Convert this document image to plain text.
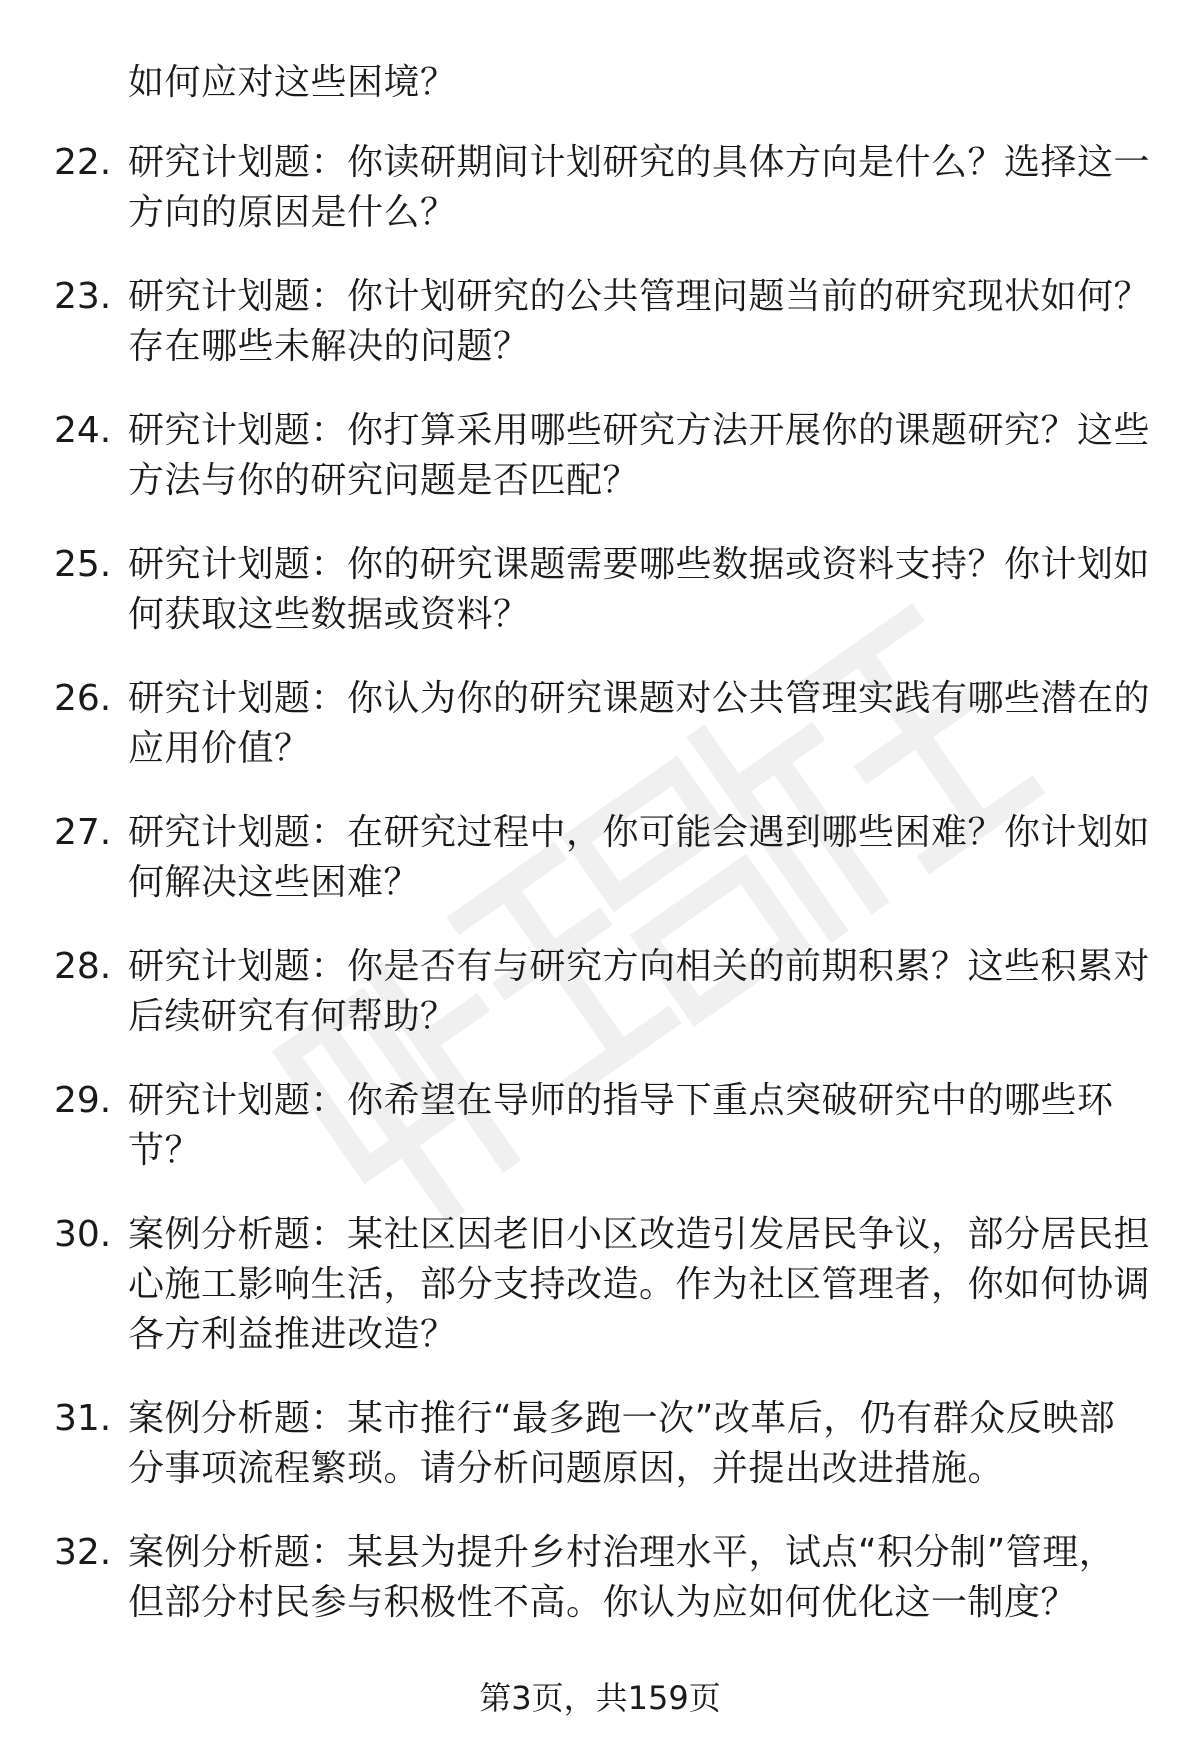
如何应对这些困境？
22. 研究计划题：你读研期间计划研究的具体方向是什么？选择这一
方向的原因是什么？
23. 研究计划题：你计划研究的公共管理问题当前的研究现状如何？
存在哪些未解决的问题？
24. 研究计划题：你打算采用哪些研究方法开展你的课题研究？这些
方法与你的研究问题是否匹配？
25. 研究计划题：你的研究课题需要哪些数据或资料支持？你计划如
何获取这些数据或资料？
26. 研究计划题：你认为你的研究课题对公共管理实践有哪些潜在的
应用价值？
27. 研究计划题：在研究过程中，你可能会遇到哪些困难？你计划如
何解决这些困难？
28. 研究计划题：你是否有与研究方向相关的前期积累？这些积累对
后续研究有何帮助？
29. 研究计划题：你希望在导师的指导下重点突破研究中的哪些环
节？
30. 案例分析题：某社区因老旧小区改造引发居民争议，部分居民担
心施工影响生活，部分支持改造。作为社区管理者，你如何协调
各方利益推进改造？
31. 案例分析题：某市推行“最多跑一次”改革后，仍有群众反映部
分事项流程繁琐。请分析问题原因，并提出改进措施。
32. 案例分析题：某县为提升乡村治理水平，试点“积分制”管理，
但部分村民参与积极性不高。你认为应如何优化这一制度？
第3页，共159页
